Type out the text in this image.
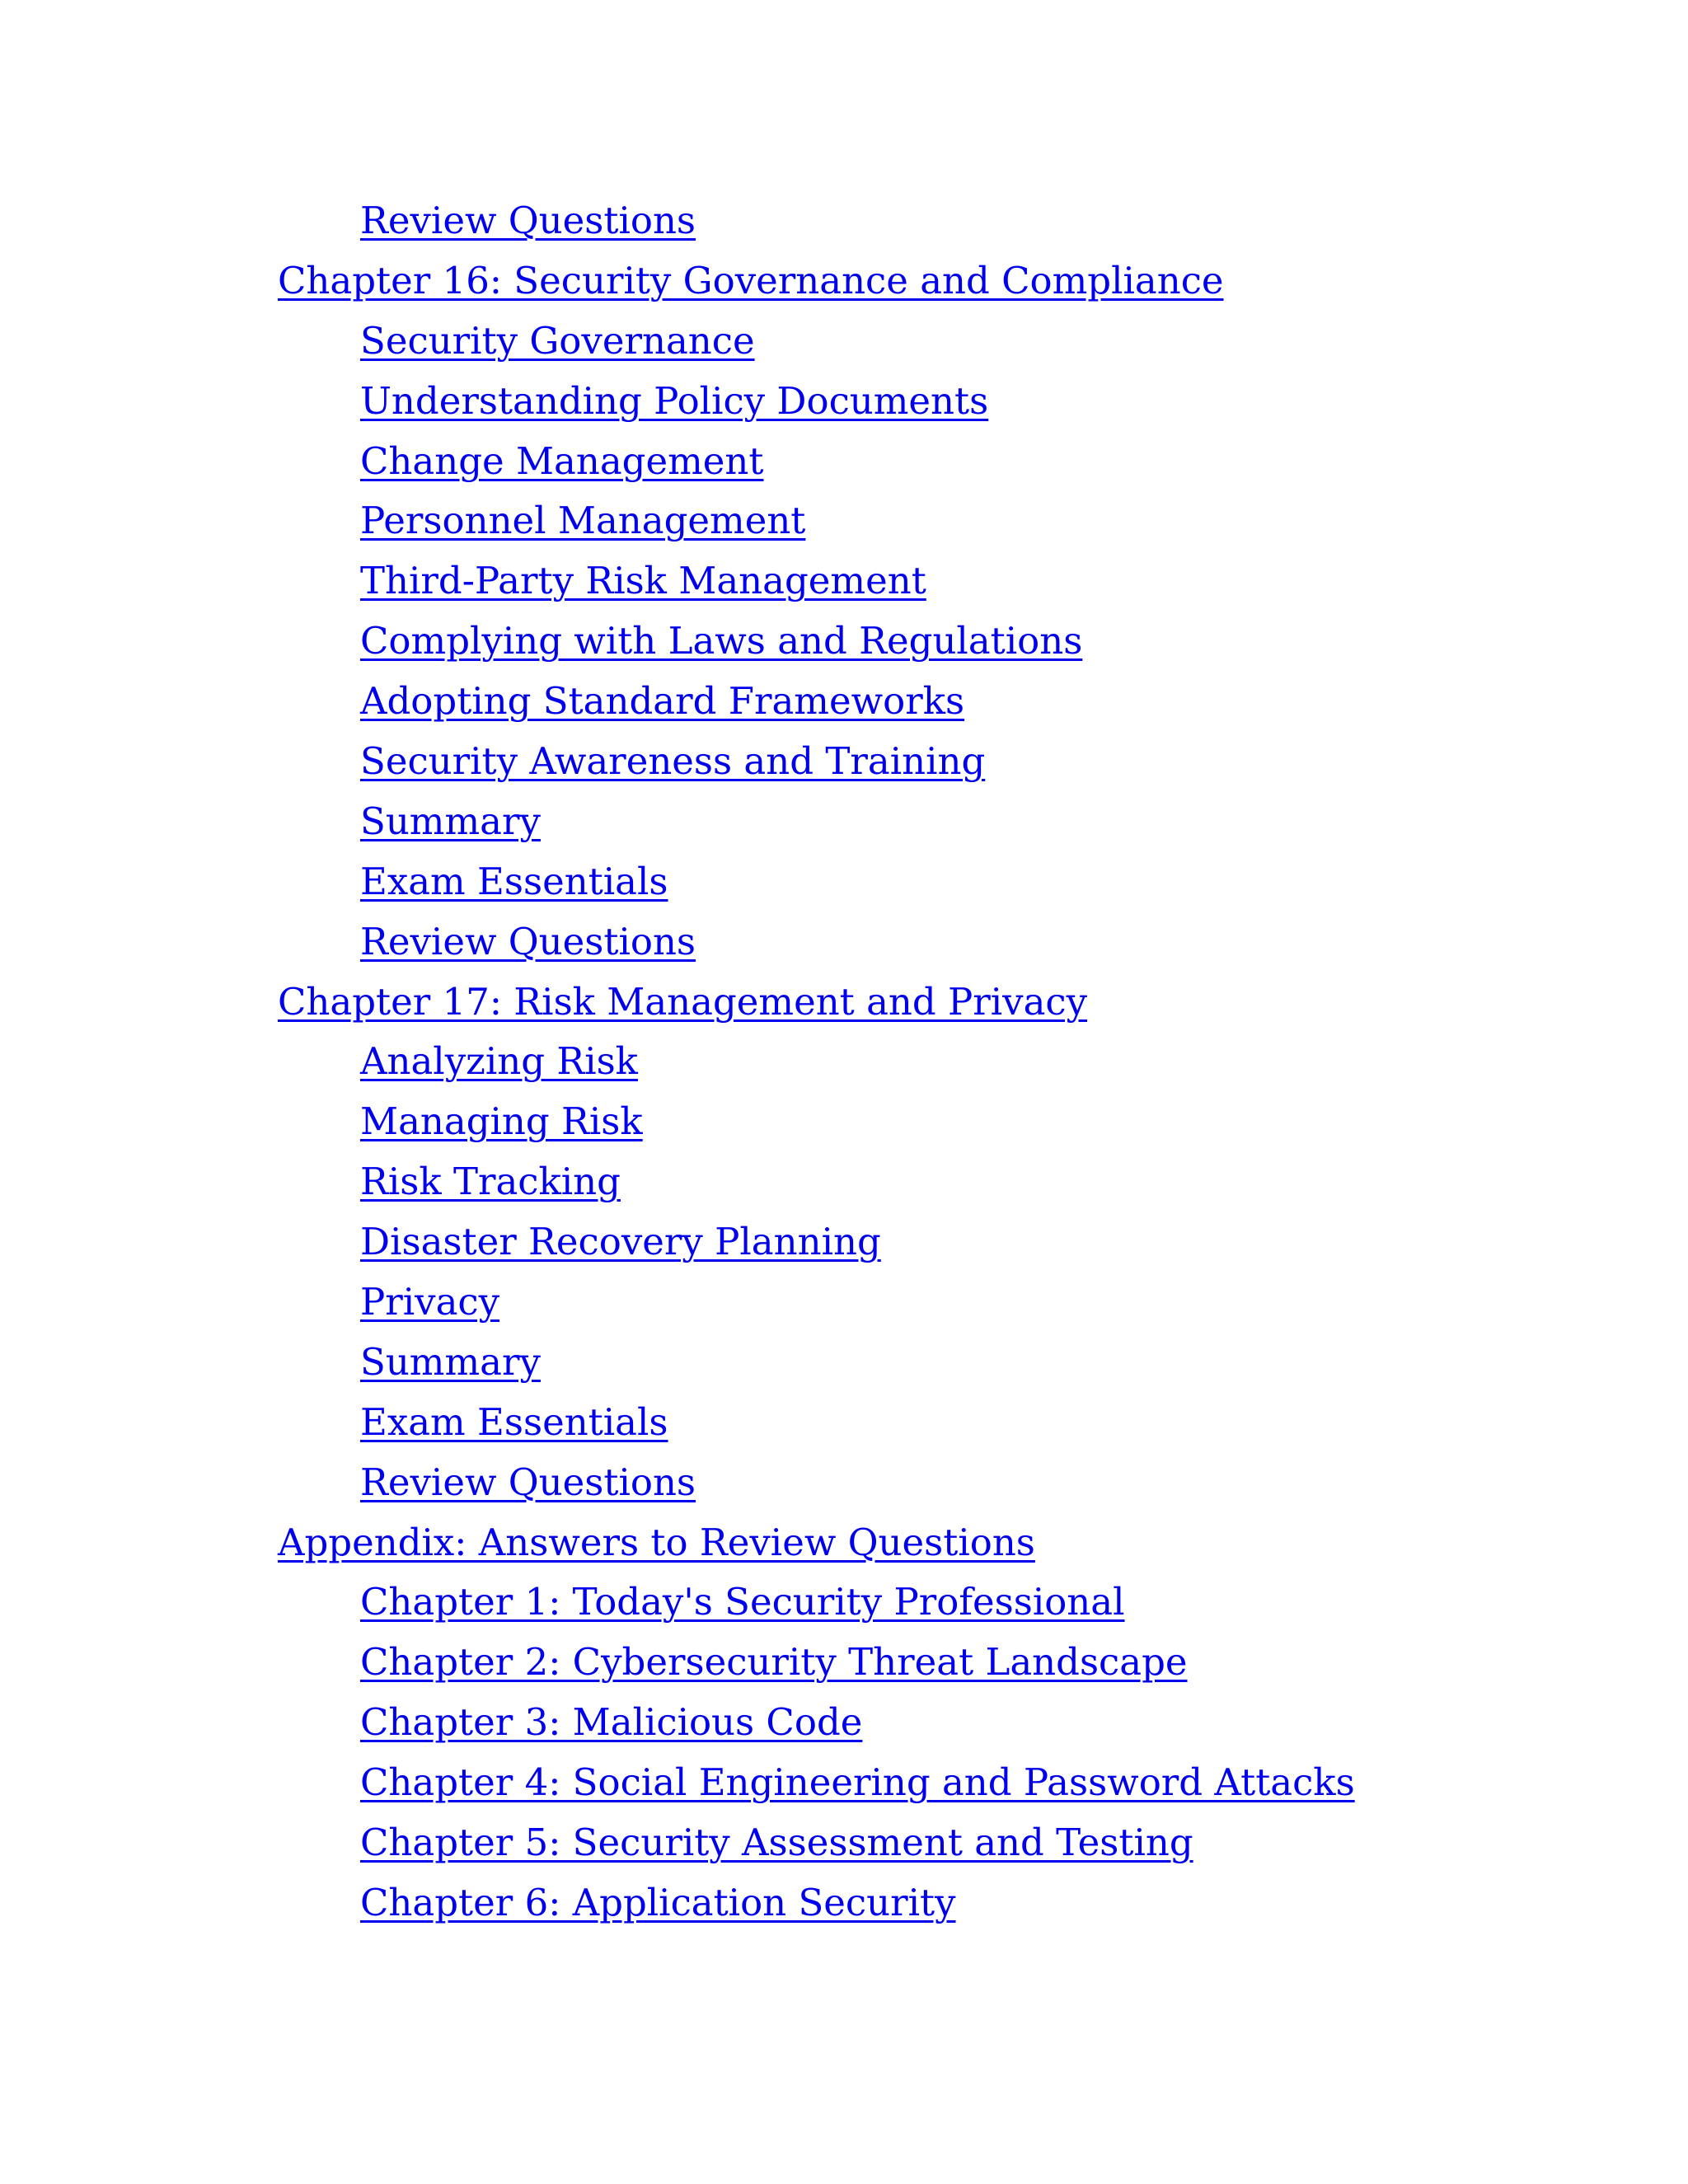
Review Questions
Chapter 16: Security Governance and Compliance
Security Governance
Understanding Policy Documents
Change Management
Personnel Management
Third-Party Risk Management
Complying with Laws and Regulations
Adopting Standard Frameworks
Security Awareness and Training
Summary
Exam Essentials
Review Questions
Chapter 17: Risk Management and Privacy
Analyzing Risk
Managing Risk
Risk Tracking
Disaster Recovery Planning
Privacy
Summary
Exam Essentials
Review Questions
Appendix: Answers to Review Questions
Chapter 1: Today's Security Professional
Chapter 2: Cybersecurity Threat Landscape
Chapter 3: Malicious Code
Chapter 4: Social Engineering and Password Attacks
Chapter 5: Security Assessment and Testing
Chapter 6: Application Security
